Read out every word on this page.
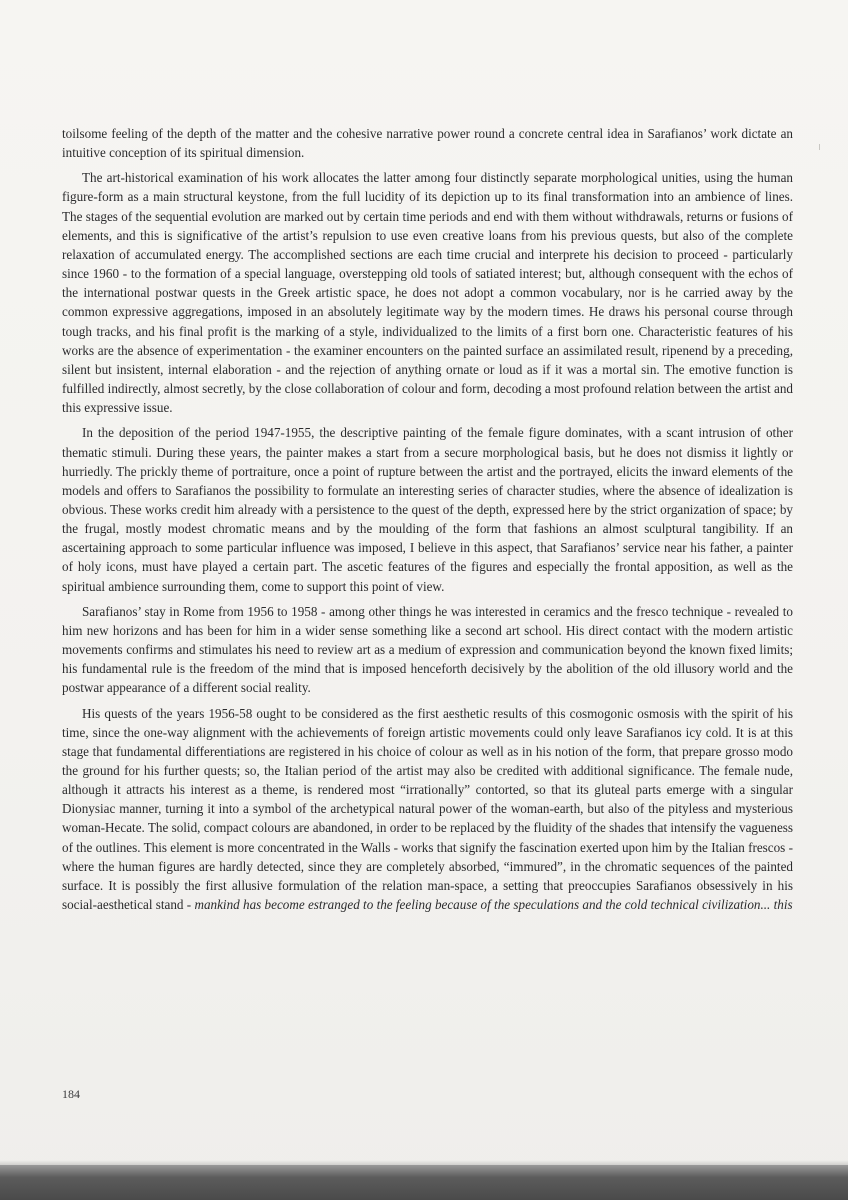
toilsome feeling of the depth of the matter and the cohesive narrative power round a concrete central idea in Sarafianos’ work dictate an intuitive conception of its spiritual dimension.

The art-historical examination of his work allocates the latter among four distinctly separate morphological unities, using the human figure-form as a main structural keystone, from the full lucidity of its depiction up to its final transformation into an ambience of lines. The stages of the sequential evolution are marked out by certain time periods and end with them without withdrawals, returns or fusions of elements, and this is significative of the artist’s repulsion to use even creative loans from his previous quests, but also of the complete relaxation of accumulated energy. The accomplished sections are each time crucial and interprete his decision to proceed - particularly since 1960 - to the formation of a special language, overstepping old tools of satiated interest; but, although consequent with the echos of the international postwar quests in the Greek artistic space, he does not adopt a common vocabulary, nor is he carried away by the common expressive aggregations, imposed in an absolutely legitimate way by the modern times. He draws his personal course through tough tracks, and his final profit is the marking of a style, individualized to the limits of a first born one. Characteristic features of his works are the absence of experimentation - the examiner encounters on the painted surface an assimilated result, ripenend by a preceding, silent but insistent, internal elaboration - and the rejection of anything ornate or loud as if it was a mortal sin. The emotive function is fulfilled indirectly, almost secretly, by the close collaboration of colour and form, decoding a most profound relation between the artist and this expressive issue.

In the deposition of the period 1947-1955, the descriptive painting of the female figure dominates, with a scant intrusion of other thematic stimuli. During these years, the painter makes a start from a secure morphological basis, but he does not dismiss it lightly or hurriedly. The prickly theme of portraiture, once a point of rupture between the artist and the portrayed, elicits the inward elements of the models and offers to Sarafianos the possibility to formulate an interesting series of character studies, where the absence of idealization is obvious. These works credit him already with a persistence to the quest of the depth, expressed here by the strict organization of space; by the frugal, mostly modest chromatic means and by the moulding of the form that fashions an almost sculptural tangibility. If an ascertaining approach to some particular influence was imposed, I believe in this aspect, that Sarafianos’ service near his father, a painter of holy icons, must have played a certain part. The ascetic features of the figures and especially the frontal apposition, as well as the spiritual ambience surrounding them, come to support this point of view.

Sarafianos’ stay in Rome from 1956 to 1958 - among other things he was interested in ceramics and the fresco technique - revealed to him new horizons and has been for him in a wider sense something like a second art school. His direct contact with the modern artistic movements confirms and stimulates his need to review art as a medium of expression and communication beyond the known fixed limits; his fundamental rule is the freedom of the mind that is imposed henceforth decisively by the abolition of the old illusory world and the postwar appearance of a different social reality.

His quests of the years 1956-58 ought to be considered as the first aesthetic results of this cosmogonic osmosis with the spirit of his time, since the one-way alignment with the achievements of foreign artistic movements could only leave Sarafianos icy cold. It is at this stage that fundamental differentiations are registered in his choice of colour as well as in his notion of the form, that prepare grosso modo the ground for his further quests; so, the Italian period of the artist may also be credited with additional significance. The female nude, although it attracts his interest as a theme, is rendered most “irrationally” contorted, so that its gluteal parts emerge with a singular Dionysiac manner, turning it into a symbol of the archetypical natural power of the woman-earth, but also of the pityless and mysterious woman-Hecate. The solid, compact colours are abandoned, in order to be replaced by the fluidity of the shades that intensify the vagueness of the outlines. This element is more concentrated in the Walls - works that signify the fascination exerted upon him by the Italian frescos - where the human figures are hardly detected, since they are completely absorbed, “immured”, in the chromatic sequences of the painted surface. It is possibly the first allusive formulation of the relation man-space, a setting that preoccupies Sarafianos obsessively in his social-aesthetical stand - mankind has become estranged to the feeling because of the speculations and the cold technical civilization... this

184
